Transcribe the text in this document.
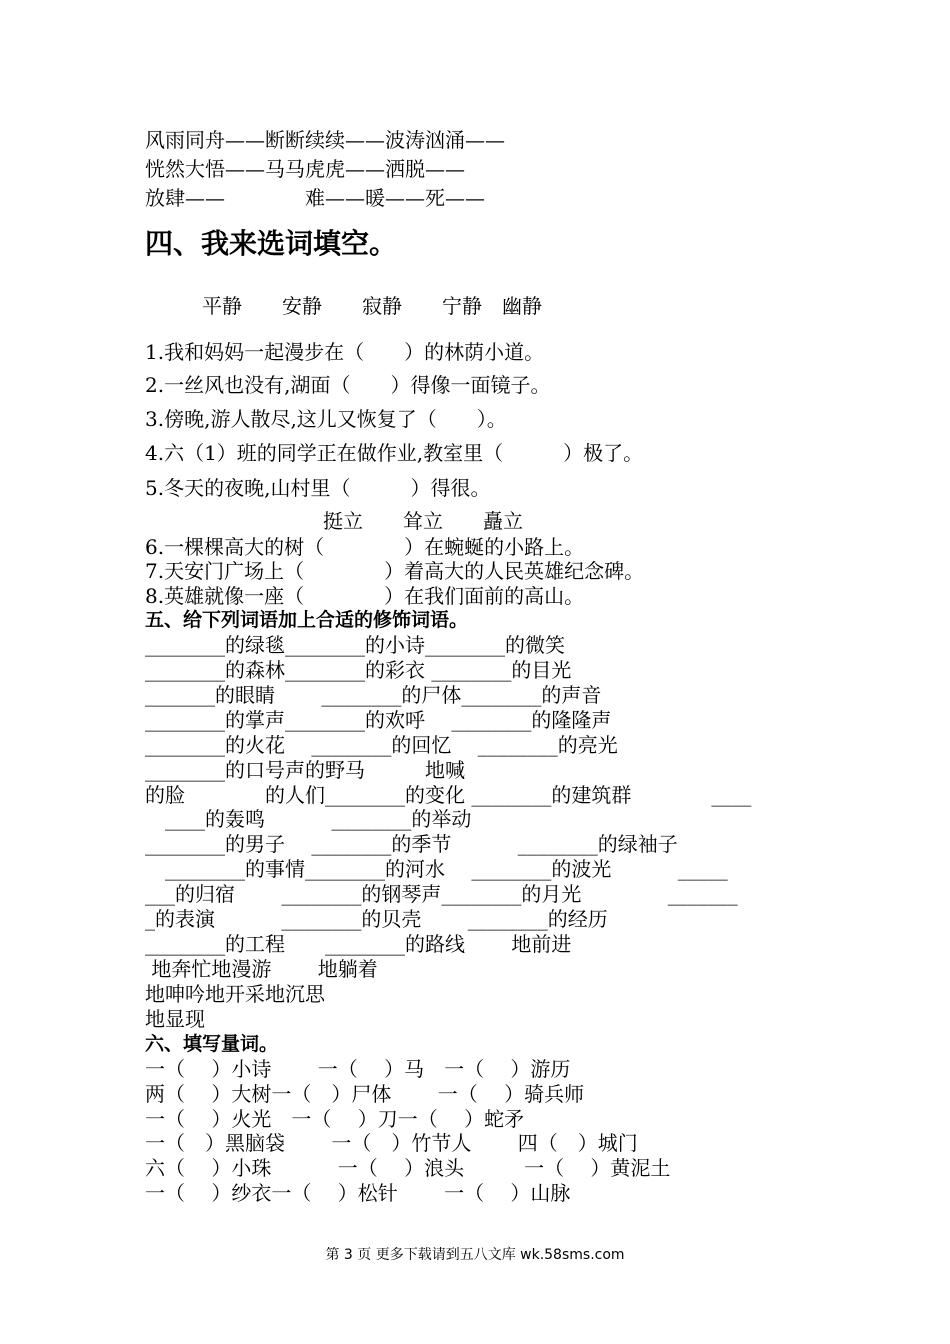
风雨同舟——断断续续——波涛汹涌——
恍然大悟——马马虎虎——洒脱——
放肆——　　　　难——暖——死——
四、我来选词填空。
平静　　安静　　寂静　　宁静　幽静
1.我和妈妈一起漫步在（　　）的林荫小道。
2.一丝风也没有,湖面（　　）得像一面镜子。
3.傍晚,游人散尽,这儿又恢复了（　　）。
4.六（1）班的同学正在做作业,教室里（　　　）极了。
5.冬天的夜晚,山村里（　　　）得很。
挺立　　耸立　　矗立
6.一棵棵高大的树（　　　　）在蜿蜒的小路上。
7.天安门广场上（　　　　）着高大的人民英雄纪念碑。
8.英雄就像一座（　　　　）在我们面前的高山。
五、给下列词语加上合适的修饰词语。
________的绿毯________的小诗________的微笑
________的森林________的彩衣 ________的目光
_______的眼睛　　 ________的尸体________的声音
________的掌声________的欢呼　 ________的隆隆声
________的火花　 ________的回忆　 ________的亮光
________的口号声的野马　　　地喊
的脸　　　　的人们________的变化 ________的建筑群　　　　____
　____的轰鸣　　　 ________的举动
________的男子　 ________的季节　　　 ________的绿袖子
　________的事情________的河水　 ________的波光　　　 _____
___的归宿　　 ________的钢琴声________的月光　　　　 _______
_的表演　　　 ________的贝壳　　 ________的经历
________的工程　　________的路线　　 地前进
地奔忙地漫游　　 地躺着
地呻吟地开采地沉思
地显现
六、填写量词。
一（　 ）小诗　　 一（　 ）马　一（　 ）游历
两（　 ）大树一（　）尸体　　 一（　 ）骑兵师
一（　 ）火光　一（　 ）刀一（　 ）蛇矛
一（　）黑脑袋　　 一（　）竹节人　　 四（　）城门
六（　 ）小珠　　　 一（　 ）浪头　　　一（　 ）黄泥土
一（　 ）纱衣一（　 ）松针　　 一（　 ）山脉
第 3 页 更多下载请到五八文库 wk.58sms.com
